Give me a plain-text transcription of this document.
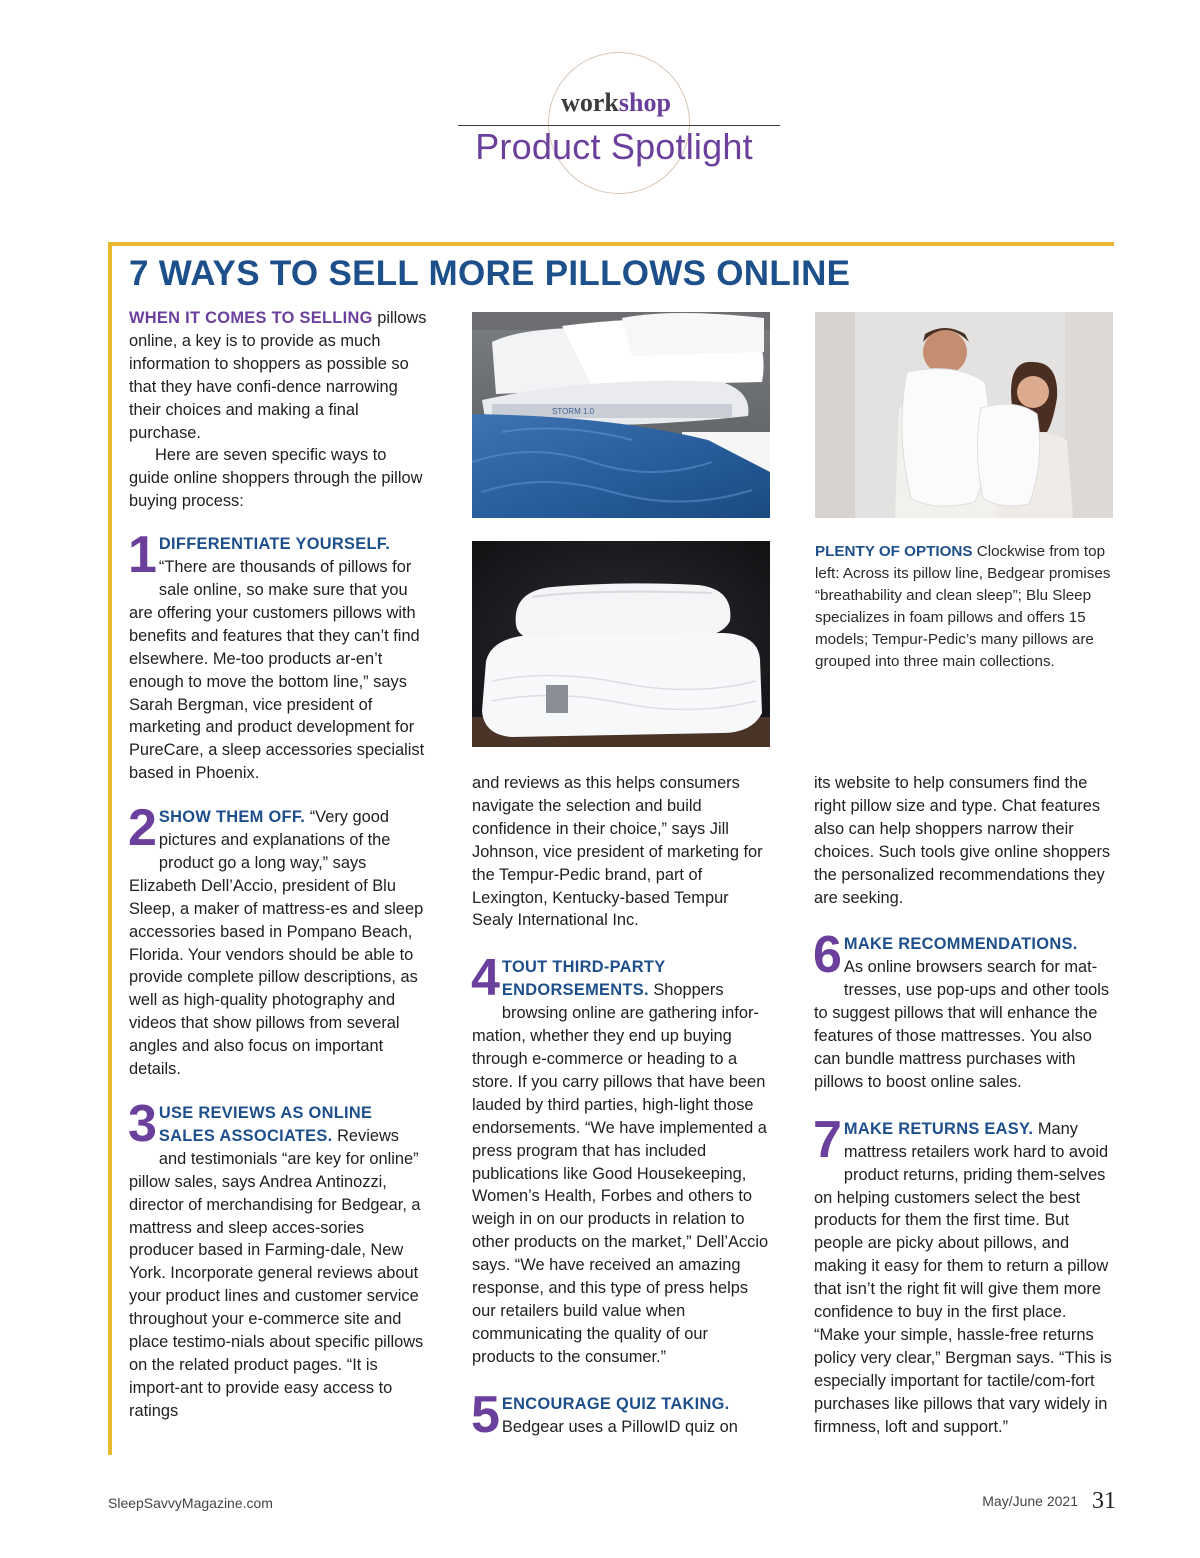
workshop
Product Spotlight
7 WAYS TO SELL MORE PILLOWS ONLINE

WHEN IT COMES TO SELLING pillows online, a key is to provide as much information to shoppers as possible so that they have confi-dence narrowing their choices and making a final purchase.

Here are seven specific ways to guide online shoppers through the pillow buying process:

1 DIFFERENTIATE YOURSELF. “There are thousands of pillows for sale online, so make sure that you are offering your customers pillows with benefits and features that they can’t find elsewhere. Me-too products ar-en’t enough to move the bottom line,” says Sarah Bergman, vice president of marketing and product development for PureCare, a sleep accessories specialist based in Phoenix.
2 SHOW THEM OFF. “Very good pictures and explanations of the product go a long way,” says Elizabeth Dell’Accio, president of Blu Sleep, a maker of mattress-es and sleep accessories based in Pompano Beach, Florida. Your vendors should be able to provide complete pillow descriptions, as well as high-quality photography and videos that show pillows from several angles and also focus on important details.
3 USE REVIEWS AS ONLINE SALES ASSOCIATES. Reviews and testimonials “are key for online” pillow sales, says Andrea Antinozzi, director of merchandising for Bedgear, a mattress and sleep acces-sories producer based in Farming-dale, New York. Incorporate general reviews about your product lines and customer service throughout your e-commerce site and place testimo-nials about specific pillows on the related product pages. “It is import-ant to provide easy access to ratings
STORM 1.0
PLENTY OF OPTIONS Clockwise from top left: Across its pillow line, Bedgear promises “breathability and clean sleep”; Blu Sleep specializes in foam pillows and offers 15 models; Tempur-Pedic’s many pillows are grouped into three main collections.

and reviews as this helps consumers navigate the selection and build confidence in their choice,” says Jill Johnson, vice president of marketing for the Tempur-Pedic brand, part of Lexington, Kentucky-based Tempur Sealy International Inc.

4 TOUT THIRD-PARTY ENDORSEMENTS. Shoppers browsing online are gathering infor-mation, whether they end up buying through e-commerce or heading to a store. If you carry pillows that have been lauded by third parties, high-light those endorsements. “We have implemented a press program that has included publications like Good Housekeeping, Women’s Health, Forbes and others to weigh in on our products in relation to other products on the market,” Dell’Accio says. “We have received an amazing response, and this type of press helps our retailers build value when communicating the quality of our products to the consumer.”
5 ENCOURAGE QUIZ TAKING.
Bedgear uses a PillowID quiz on

its website to help consumers find the right pillow size and type. Chat features also can help shoppers narrow their choices. Such tools give online shoppers the personalized recommendations they are seeking.

6 MAKE RECOMMENDATIONS.
As online browsers search for mat-tresses, use pop-ups and other tools to suggest pillows that will enhance the features of those mattresses. You also can bundle mattress purchases with pillows to boost online sales.
7 MAKE RETURNS EASY. Many mattress retailers work hard to avoid product returns, priding them-selves on helping customers select the best products for them the first time. But people are picky about pillows, and making it easy for them to return a pillow that isn’t the right fit will give them more confidence to buy in the first place. “Make your simple, hassle-free returns policy very clear,” Bergman says. “This is especially important for tactile/com-fort purchases like pillows that vary widely in firmness, loft and support.”
SleepSavvyMagazine.com	May/June 2021 31
